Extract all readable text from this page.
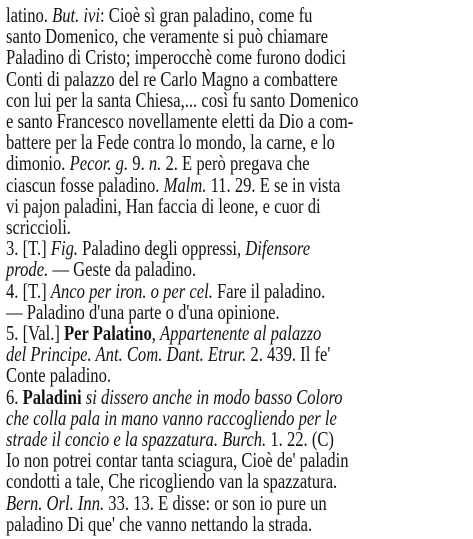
latino. But. ivi: Cioè sì gran paladino, come fu
santo Domenico, che veramente si può chiamare
Paladino di Cristo; imperocchè come furono dodici
Conti di palazzo del re Carlo Magno a combattere
con lui per la santa Chiesa,... così fu santo Domenico
e santo Francesco novellamente eletti da Dio a com-
battere per la Fede contra lo mondo, la carne, e lo
dimonio. Pecor. g. 9. n. 2. E però pregava che
ciascun fosse paladino. Malm. 11. 29. E se in vista
vi pajon paladini, Han faccia di leone, e cuor di
scriccioli.
3. [T.] Fig. Paladino degli oppressi, Difensore
prode. — Geste da paladino.
4. [T.] Anco per iron. o per cel. Fare il paladino.
— Paladino d'una parte o d'una opinione.
5. [Val.] Per Palatino, Appartenente al palazzo
del Principe. Ant. Com. Dant. Etrur. 2. 439. Il fe'
Conte paladino.
6. Paladini si dissero anche in modo basso Coloro
che colla pala in mano vanno raccogliendo per le
strade il concio e la spazzatura. Burch. 1. 22. (C)
Io non potrei contar tanta sciagura, Cioè de' paladin
condotti a tale, Che ricogliendo van la spazzatura.
Bern. Orl. Inn. 33. 13. E disse: or son io pure un
paladino Di que' che vanno nettando la strada.
